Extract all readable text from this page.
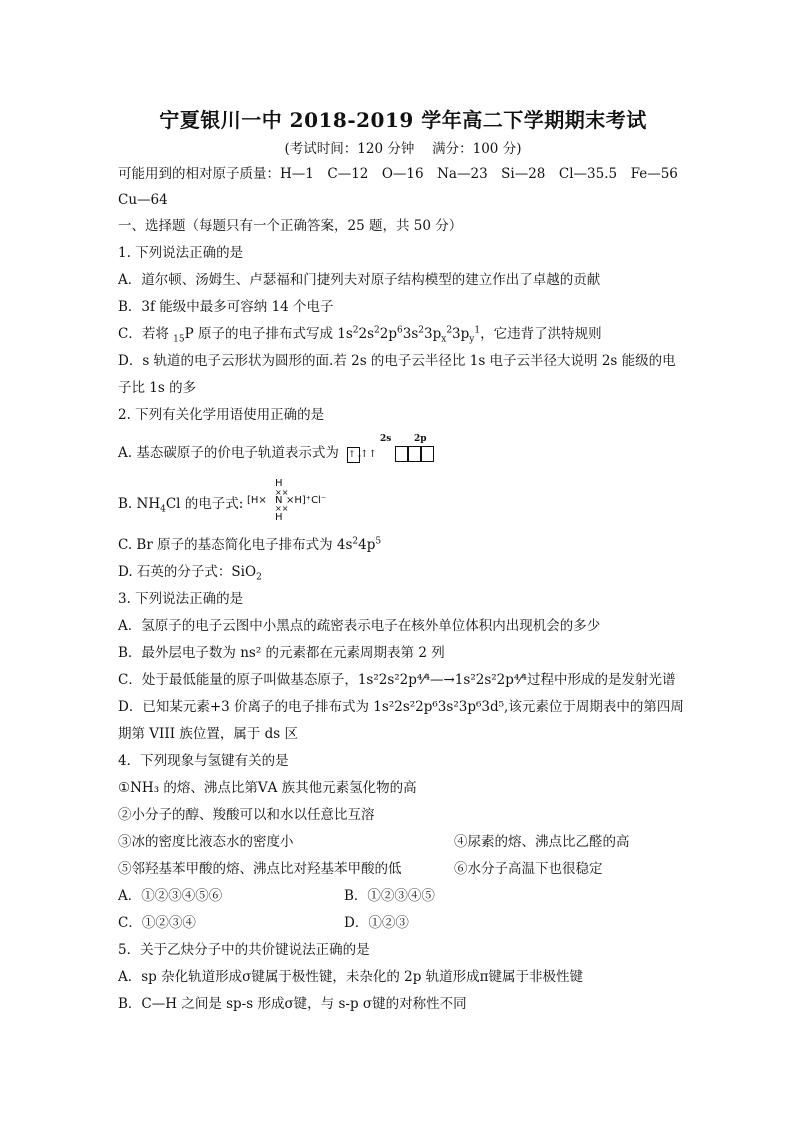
宁夏银川一中 2018-2019 学年高二下学期期末考试
(考试时间：120 分钟　 满分：100 分)
可能用到的相对原子质量：H—1　C—12　O—16　Na—23　Si—28　Cl—35.5　Fe—56
Cu—64
一、选择题（每题只有一个正确答案，25 题，共 50 分）
1. 下列说法正确的是
A．道尔顿、汤姆生、卢瑟福和门捷列夫对原子结构模型的建立作出了卓越的贡献
B．3f 能级中最多可容纳 14 个电子
C．若将 $_{15}$P 原子的电子排布式写成 $1s^22s^22p^63s^23p_x^23p_y^1$，它违背了洪特规则
D．s 轨道的电子云形状为圆形的面.若 2s 的电子云半径比 1s 电子云半径大说明 2s 能级的电
子比 1s 的多
2. 下列有关化学用语使用正确的是
2s	2p
A. 基态碳原子的价电子轨道表示式为 ↑↓↑↑
B. $NH_4Cl$ 的电子式:
H
××
[H× N ×H]⁺Cl⁻
××
H
C. Br 原子的基态简化电子排布式为 $4s^24p^5$
D. 石英的分子式：SiO$_2$
3. 下列说法正确的是
A．氢原子的电子云图中小黑点的疏密表示电子在核外单位体积内出现机会的多少
B．最外层电子数为 ns² 的元素都在元素周期表第 2 列
C．处于最低能量的原子叫做基态原子，1s²2s²2p⁴⁄⁴—→1s²2s²2p⁴⁄⁴过程中形成的是发射光谱
D．已知某元素+3 价离子的电子排布式为 1s²2s²2p⁶3s²3p⁶3d⁵,该元素位于周期表中的第四周
期第 VIII 族位置，属于 ds 区
4．下列现象与氢键有关的是
①NH₃ 的熔、沸点比第ⅤA 族其他元素氢化物的高
②小分子的醇、羧酸可以和水以任意比互溶
③冰的密度比液态水的密度小	④尿素的熔、沸点比乙醛的高
⑤邻羟基苯甲酸的熔、沸点比对羟基苯甲酸的低	⑥水分子高温下也很稳定
A．①②③④⑤⑥	B．①②③④⑤
C．①②③④	D．①②③
5．关于乙炔分子中的共价键说法正确的是
A．sp 杂化轨道形成σ键属于极性键，未杂化的 2p 轨道形成π键属于非极性键
B．C—H 之间是 sp-s 形成σ键，与 s-p σ键的对称性不同
